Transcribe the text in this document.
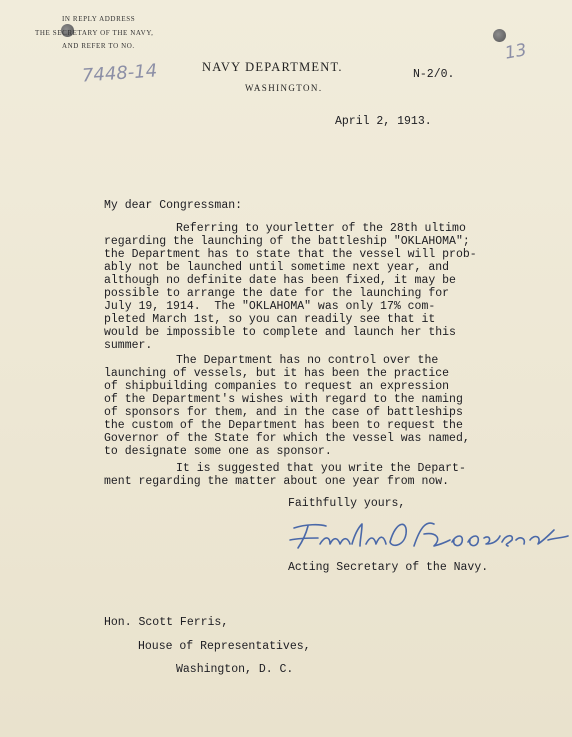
IN REPLY ADDRESS
THE SECRETARY OF THE NAVY,
AND REFER TO NO.
7448-14
13
NAVY DEPARTMENT.
WASHINGTON.
N-2/0.
April 2, 1913.
My dear Congressman:
Referring to yourletter of the 28th ultimo
regarding the launching of the battleship "OKLAHOMA";
the Department has to state that the vessel will prob-
ably not be launched until sometime next year, and
although no definite date has been fixed, it may be
possible to arrange the date for the launching for
July 19, 1914.  The "OKLAHOMA" was only 17% com-
pleted March 1st, so you can readily see that it
would be impossible to complete and launch her this
summer.
The Department has no control over the
launching of vessels, but it has been the practice
of shipbuilding companies to request an expression
of the Department's wishes with regard to the naming
of sponsors for them, and in the case of battleships
the custom of the Department has been to request the
Governor of the State for which the vessel was named,
to designate some one as sponsor.
It is suggested that you write the Depart-
ment regarding the matter about one year from now.
Faithfully yours,
Acting Secretary of the Navy.
Hon. Scott Ferris,
House of Representatives,
Washington, D. C.
